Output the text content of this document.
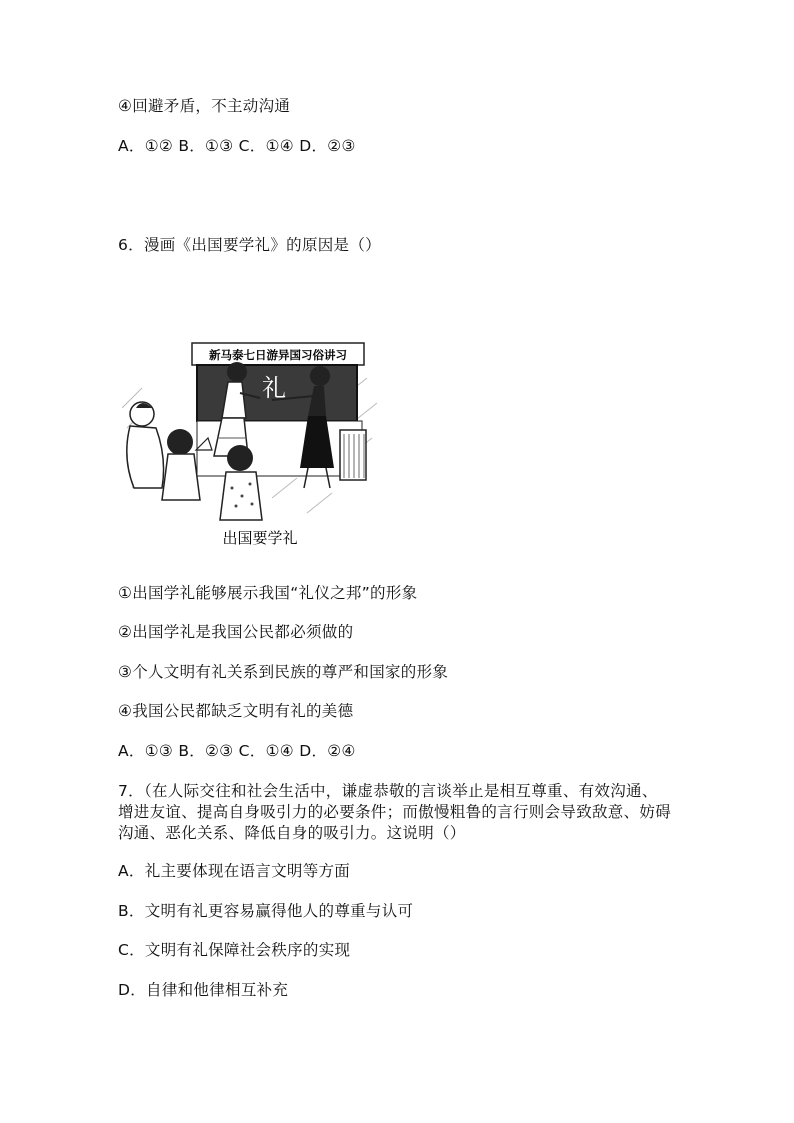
④回避矛盾，不主动沟通
A．①② B．①③ C．①④ D．②③
6．漫画《出国要学礼》的原因是（）
新马泰七日游异国习俗讲习
礼
出国要学礼
①出国学礼能够展示我国“礼仪之邦”的形象
②出国学礼是我国公民都必须做的
③个人文明有礼关系到民族的尊严和国家的形象
④我国公民都缺乏文明有礼的美德
A．①③ B．②③ C．①④ D．②④
7．（在人际交往和社会生活中，谦虚恭敬的言谈举止是相互尊重、有效沟通、
增进友谊、提高自身吸引力的必要条件；而傲慢粗鲁的言行则会导致敌意、妨碍
沟通、恶化关系、降低自身的吸引力。这说明（）
A．礼主要体现在语言文明等方面
B．文明有礼更容易赢得他人的尊重与认可
C．文明有礼保障社会秩序的实现
D．自律和他律相互补充
